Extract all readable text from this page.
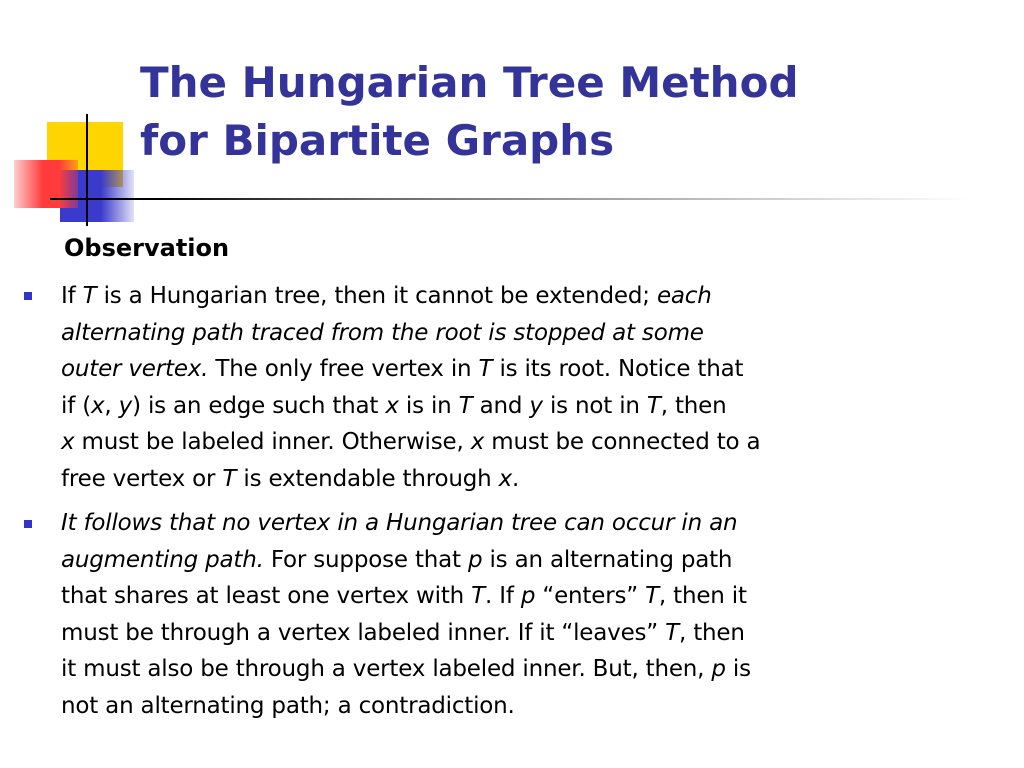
The Hungarian Tree Method
for Bipartite Graphs
Observation
If T is a Hungarian tree, then it cannot be extended; each
alternating path traced from the root is stopped at some
outer vertex. The only free vertex in T is its root. Notice that
if (x, y) is an edge such that x is in T and y is not in T, then
x must be labeled inner. Otherwise, x must be connected to a
free vertex or T is extendable through x.
It follows that no vertex in a Hungarian tree can occur in an
augmenting path. For suppose that p is an alternating path
that shares at least one vertex with T. If p “enters” T, then it
must be through a vertex labeled inner. If it “leaves” T, then
it must also be through a vertex labeled inner. But, then, p is
not an alternating path; a contradiction.
